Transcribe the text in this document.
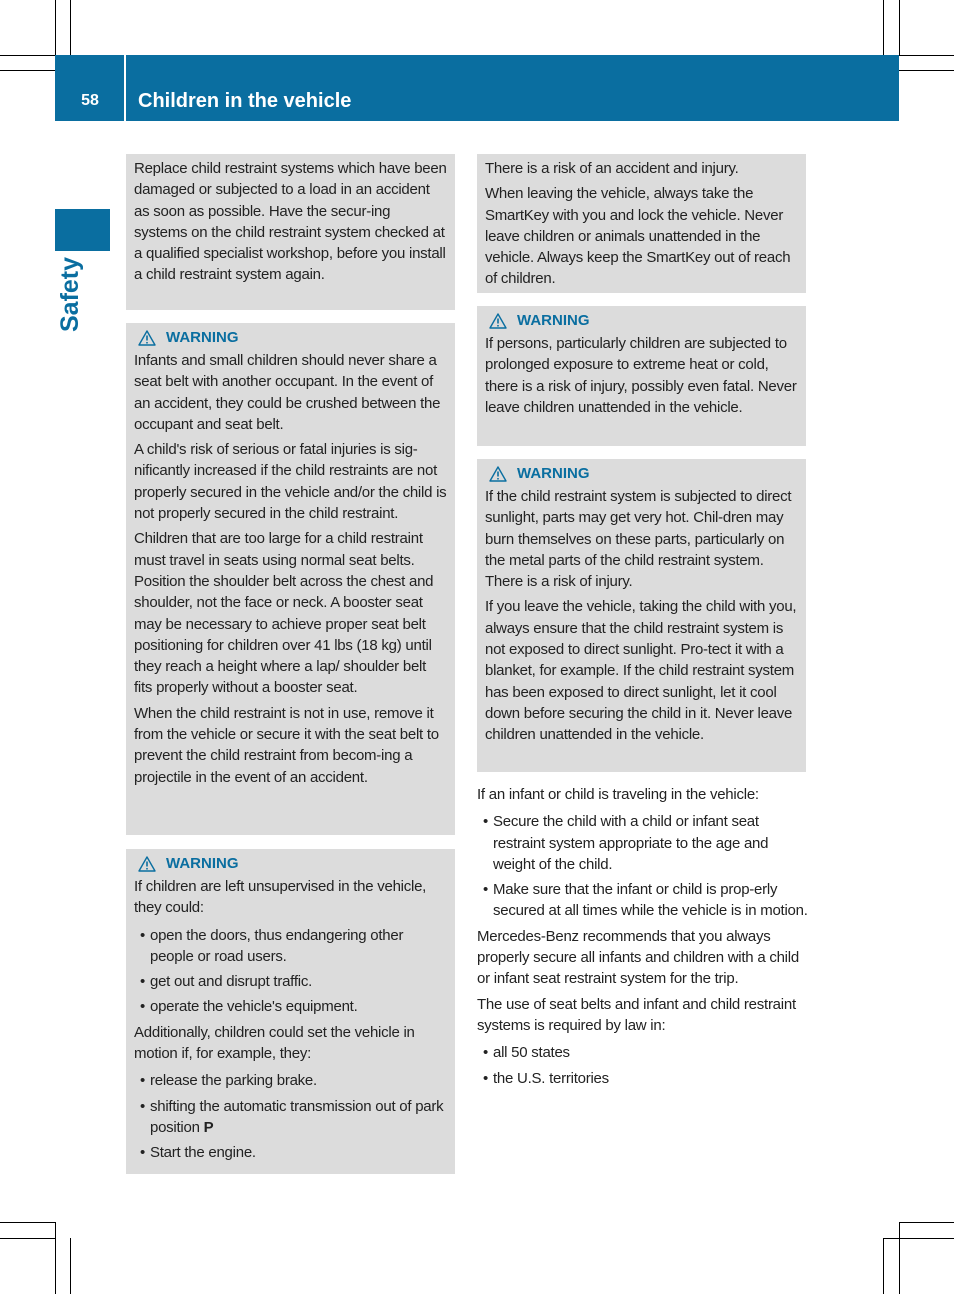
58	Children in the vehicle
Safety

Replace child restraint systems which have been damaged or subjected to a load in an accident as soon as possible. Have the secur-ing systems on the child restraint system checked at a qualified specialist workshop, before you install a child restraint system again.

WARNING

Infants and small children should never share a seat belt with another occupant. In the event of an accident, they could be crushed between the occupant and seat belt.

A child's risk of serious or fatal injuries is sig-nificantly increased if the child restraints are not properly secured in the vehicle and/or the child is not properly secured in the child restraint.

Children that are too large for a child restraint must travel in seats using normal seat belts. Position the shoulder belt across the chest and shoulder, not the face or neck. A booster seat may be necessary to achieve proper seat belt positioning for children over 41 lbs (18 kg) until they reach a height where a lap/ shoulder belt fits properly without a booster seat.

When the child restraint is not in use, remove it from the vehicle or secure it with the seat belt to prevent the child restraint from becom-ing a projectile in the event of an accident.

WARNING

If children are left unsupervised in the vehicle, they could:

• open the doors, thus endangering other people or road users.
• get out and disrupt traffic.
• operate the vehicle's equipment.

Additionally, children could set the vehicle in motion if, for example, they:

• release the parking brake.
• shifting the automatic transmission out of park position P
• Start the engine.

There is a risk of an accident and injury.

When leaving the vehicle, always take the SmartKey with you and lock the vehicle. Never leave children or animals unattended in the vehicle. Always keep the SmartKey out of reach of children.

WARNING

If persons, particularly children are subjected to prolonged exposure to extreme heat or cold, there is a risk of injury, possibly even fatal. Never leave children unattended in the vehicle.

WARNING

If the child restraint system is subjected to direct sunlight, parts may get very hot. Chil-dren may burn themselves on these parts, particularly on the metal parts of the child restraint system. There is a risk of injury.

If you leave the vehicle, taking the child with you, always ensure that the child restraint system is not exposed to direct sunlight. Pro-tect it with a blanket, for example. If the child restraint system has been exposed to direct sunlight, let it cool down before securing the child in it. Never leave children unattended in the vehicle.

If an infant or child is traveling in the vehicle:

• Secure the child with a child or infant seat restraint system appropriate to the age and weight of the child.
• Make sure that the infant or child is prop-erly secured at all times while the vehicle is in motion.

Mercedes-Benz recommends that you always properly secure all infants and children with a child or infant seat restraint system for the trip.

The use of seat belts and infant and child restraint systems is required by law in:

• all 50 states
• the U.S. territories
